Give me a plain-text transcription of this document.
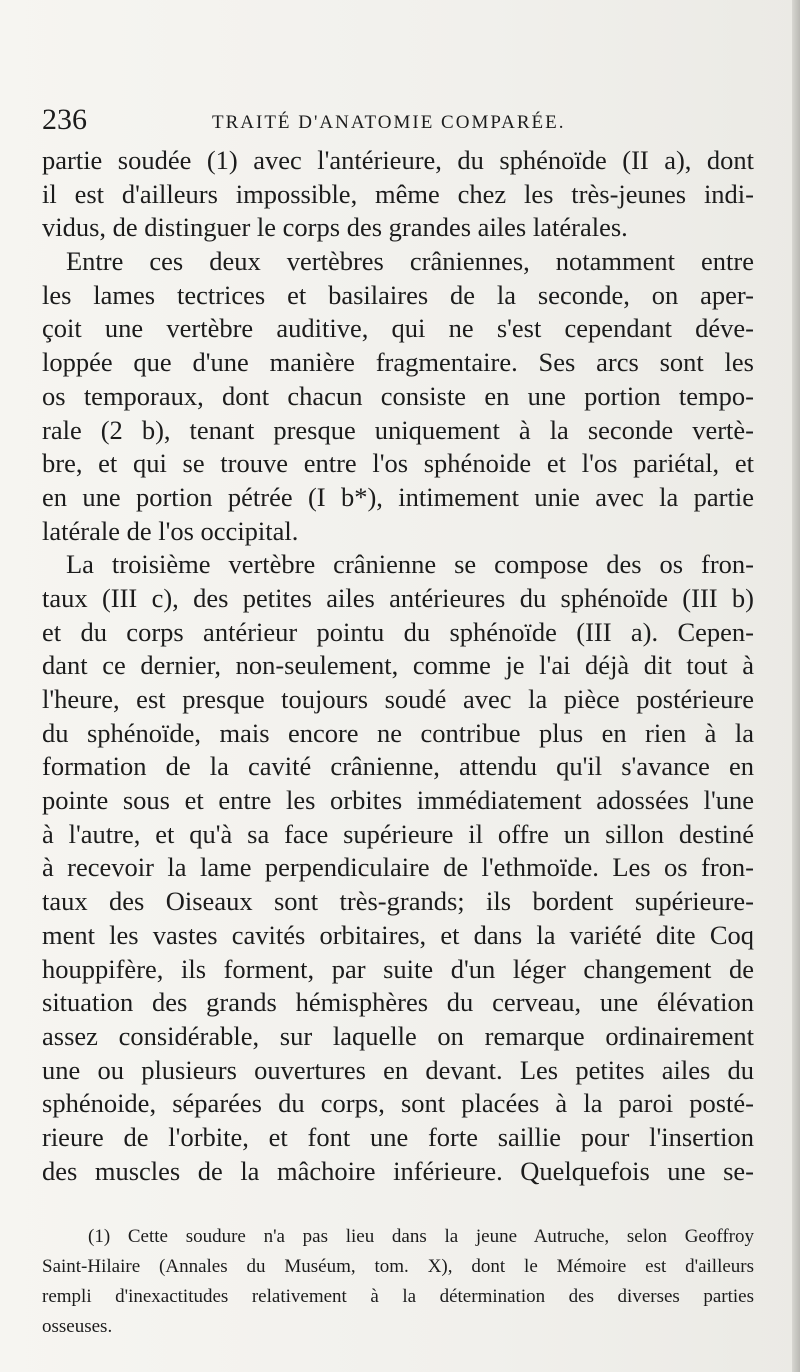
236	TRAITÉ D'ANATOMIE COMPARÉE.
partie soudée (1) avec l'antérieure, du sphénoïde (II a), dont
il est d'ailleurs impossible, même chez les très-jeunes indi-
vidus, de distinguer le corps des grandes ailes latérales.
Entre ces deux vertèbres crâniennes, notamment entre
les lames tectrices et basilaires de la seconde, on aper-
çoit une vertèbre auditive, qui ne s'est cependant déve-
loppée que d'une manière fragmentaire. Ses arcs sont les
os temporaux, dont chacun consiste en une portion tempo-
rale (2 b), tenant presque uniquement à la seconde vertè-
bre, et qui se trouve entre l'os sphénoide et l'os pariétal, et
en une portion pétrée (I b*), intimement unie avec la partie
latérale de l'os occipital.
La troisième vertèbre crânienne se compose des os fron-
taux (III c), des petites ailes antérieures du sphénoïde (III b)
et du corps antérieur pointu du sphénoïde (III a). Cepen-
dant ce dernier, non-seulement, comme je l'ai déjà dit tout à
l'heure, est presque toujours soudé avec la pièce postérieure
du sphénoïde, mais encore ne contribue plus en rien à la
formation de la cavité crânienne, attendu qu'il s'avance en
pointe sous et entre les orbites immédiatement adossées l'une
à l'autre, et qu'à sa face supérieure il offre un sillon destiné
à recevoir la lame perpendiculaire de l'ethmoïde. Les os fron-
taux des Oiseaux sont très-grands; ils bordent supérieure-
ment les vastes cavités orbitaires, et dans la variété dite Coq
houppifère, ils forment, par suite d'un léger changement de
situation des grands hémisphères du cerveau, une élévation
assez considérable, sur laquelle on remarque ordinairement
une ou plusieurs ouvertures en devant. Les petites ailes du
sphénoide, séparées du corps, sont placées à la paroi posté-
rieure de l'orbite, et font une forte saillie pour l'insertion
des muscles de la mâchoire inférieure. Quelquefois une se-
(1) Cette soudure n'a pas lieu dans la jeune Autruche, selon Geoffroy
Saint-Hilaire (Annales du Muséum, tom. X), dont le Mémoire est d'ailleurs
rempli d'inexactitudes relativement à la détermination des diverses parties
osseuses.
